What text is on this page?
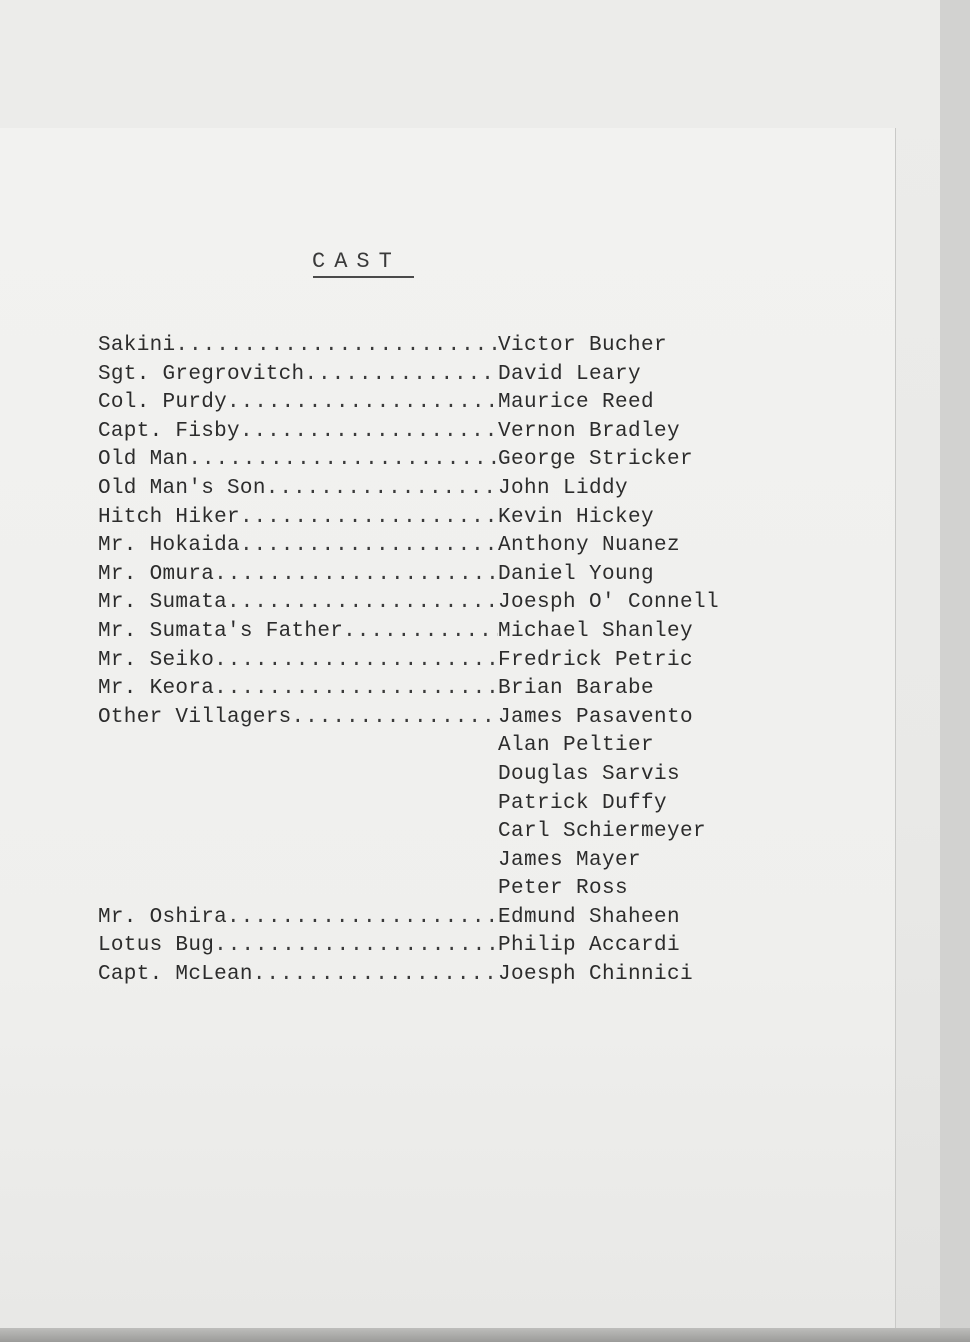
CAST
Sakini .....	Victor Bucher
Sgt. Gregrovitch .....	David Leary
Col. Purdy .....	Maurice Reed
Capt. Fisby .....	Vernon Bradley
Old Man .....	George Stricker
Old Man's Son .....	John Liddy
Hitch Hiker .....	Kevin Hickey
Mr. Hokaida .....	Anthony Nuanez
Mr. Omura .....	Daniel Young
Mr. Sumata .....	Joesph O' Connell
Mr. Sumata's Father .....	Michael Shanley
Mr. Seiko .....	Fredrick Petric
Mr. Keora .....	Brian Barabe
Other Villagers .....	James Pasavento
Alan Peltier
Douglas Sarvis
Patrick Duffy
Carl Schiermeyer
James Mayer
Peter Ross
Mr. Oshira .....	Edmund Shaheen
Lotus Bug .....	Philip Accardi
Capt. McLean .....	Joesph Chinnici
